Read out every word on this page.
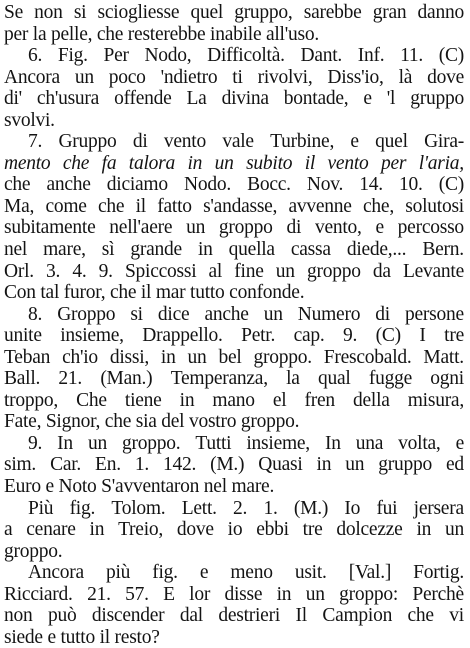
Se non si sciogliesse quel gruppo, sarebbe gran danno
per la pelle, che resterebbe inabile all'uso.
6. Fig. Per Nodo, Difficoltà. Dant. Inf. 11. (C)
Ancora un poco 'ndietro ti rivolvi, Diss'io, là dove
di' ch'usura offende La divina bontade, e 'l gruppo
svolvi.
7. Gruppo di vento vale Turbine, e quel Gira-
mento che fa talora in un subito il vento per l'aria,
che anche diciamo Nodo. Bocc. Nov. 14. 10. (C)
Ma, come che il fatto s'andasse, avvenne che, solutosi
subitamente nell'aere un groppo di vento, e percosso
nel mare, sì grande in quella cassa diede,... Bern.
Orl. 3. 4. 9. Spiccossi al fine un groppo da Levante
Con tal furor, che il mar tutto confonde.
8. Groppo si dice anche un Numero di persone
unite insieme, Drappello. Petr. cap. 9. (C) I tre
Teban ch'io dissi, in un bel groppo. Frescobald. Matt.
Ball. 21. (Man.) Temperanza, la qual fugge ogni
troppo, Che tiene in mano el fren della misura,
Fate, Signor, che sia del vostro groppo.
9. In un groppo. Tutti insieme, In una volta, e
sim. Car. En. 1. 142. (M.) Quasi in un gruppo ed
Euro e Noto S'avventaron nel mare.
Più fig. Tolom. Lett. 2. 1. (M.) Io fui jersera
a cenare in Treio, dove io ebbi tre dolcezze in un
groppo.
Ancora più fig. e meno usit. [Val.] Fortig.
Ricciard. 21. 57. E lor disse in un groppo: Perchè
non può discender dal destrieri Il Campion che vi
siede e tutto il resto?
